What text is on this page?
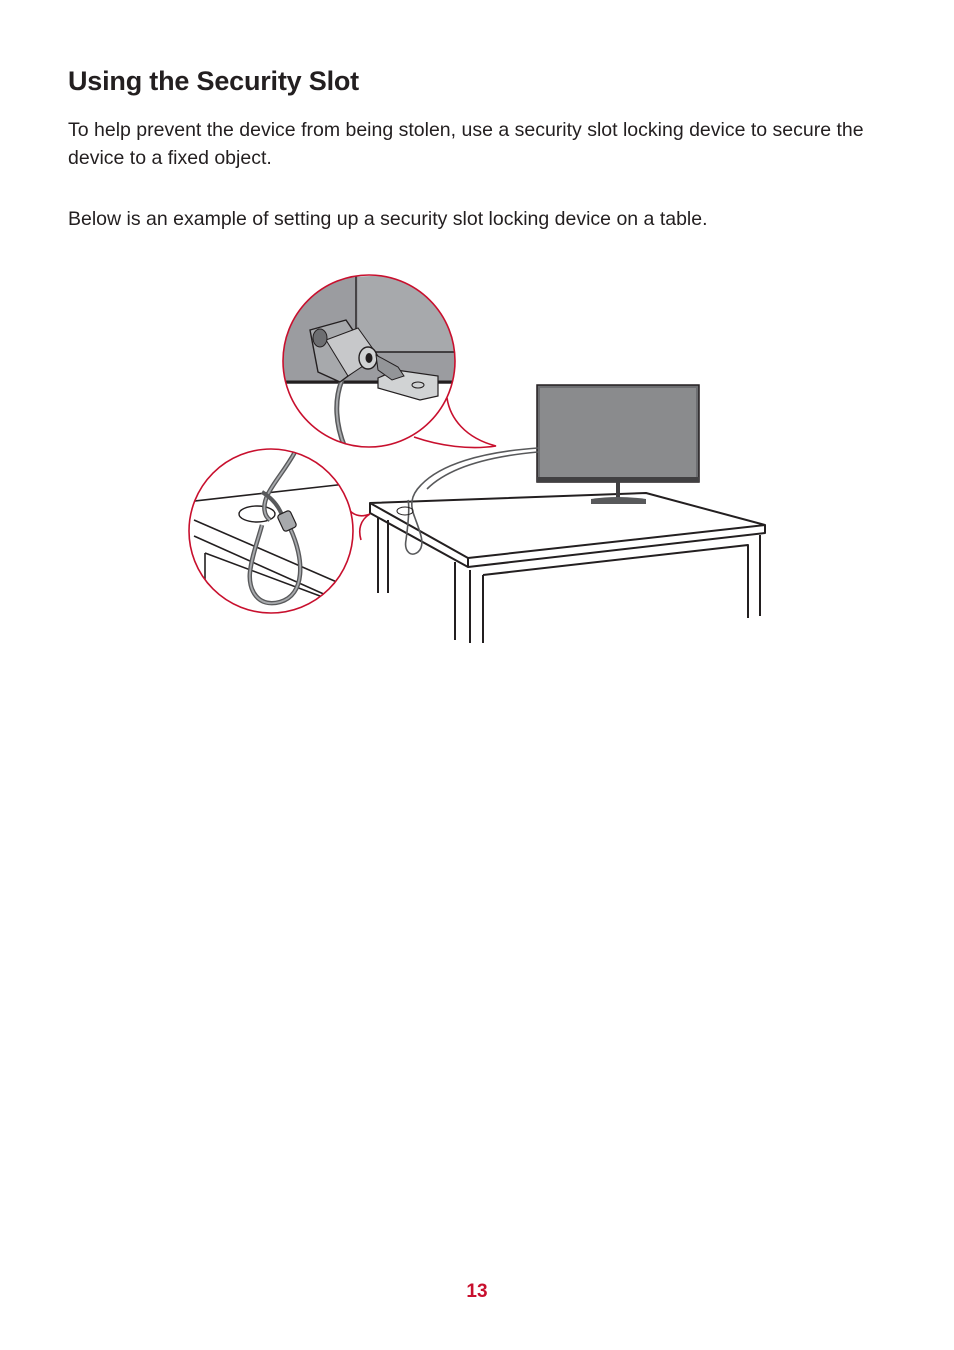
Using the Security Slot

To help prevent the device from being stolen, use a security slot locking device to secure the device to a fixed object.

Below is an example of setting up a security slot locking device on a table.

13
